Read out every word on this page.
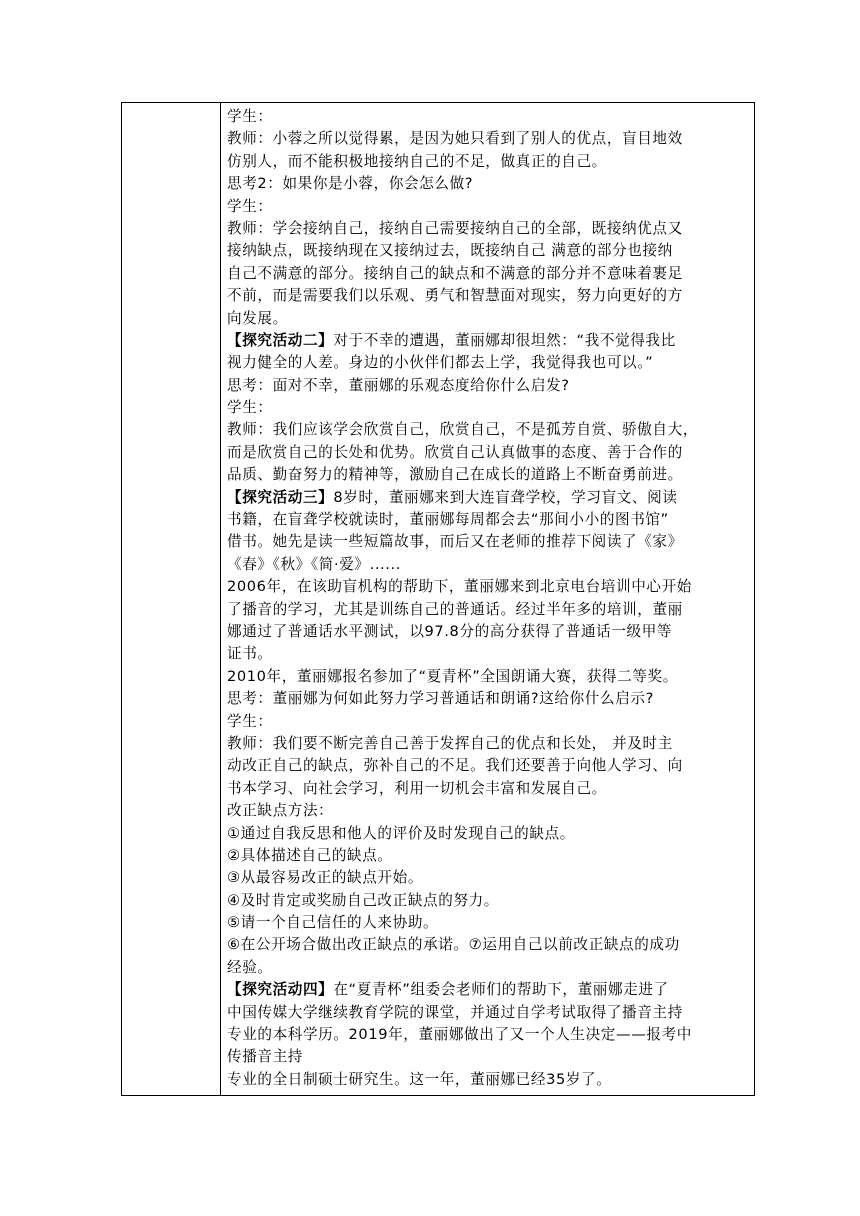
学生：
教师：小蓉之所以觉得累，是因为她只看到了别人的优点，盲目地效
仿别人，而不能积极地接纳自己的不足，做真正的自己。
思考2：如果你是小蓉，你会怎么做?
学生：
教师：学会接纳自己，接纳自己需要接纳自己的全部，既接纳优点又
接纳缺点，既接纳现在又接纳过去，既接纳自己 满意的部分也接纳
自己不满意的部分。接纳自己的缺点和不满意的部分并不意味着裹足
不前，而是需要我们以乐观、勇气和智慧面对现实，努力向更好的方
向发展。
【探究活动二】对于不幸的遭遇，董丽娜却很坦然：“我不觉得我比
视力健全的人差。身边的小伙伴们都去上学，我觉得我也可以。”
思考：面对不幸，董丽娜的乐观态度给你什么启发?
学生：
教师：我们应该学会欣赏自己，欣赏自己，不是孤芳自赏、骄傲自大，
而是欣赏自己的长处和优势。欣赏自己认真做事的态度、善于合作的
品质、勤奋努力的精神等，激励自己在成长的道路上不断奋勇前进。
【探究活动三】8岁时，董丽娜来到大连盲聋学校，学习盲文、阅读
书籍，在盲聋学校就读时，董丽娜每周都会去“那间小小的图书馆”
借书。她先是读一些短篇故事，而后又在老师的推荐下阅读了《家》
《春》《秋》《简·爱》......
2006年，在该助盲机构的帮助下，董丽娜来到北京电台培训中心开始
了播音的学习，尤其是训练自己的普通话。经过半年多的培训，董丽
娜通过了普通话水平测试，以97.8分的高分获得了普通话一级甲等
证书。
2010年，董丽娜报名参加了“夏青杯”全国朗诵大赛，获得二等奖。
思考：董丽娜为何如此努力学习普通话和朗诵?这给你什么启示?
学生：
教师：我们要不断完善自己善于发挥自己的优点和长处， 并及时主
动改正自己的缺点，弥补自己的不足。我们还要善于向他人学习、向
书本学习、向社会学习，利用一切机会丰富和发展自己。
改正缺点方法：
①通过自我反思和他人的评价及时发现自己的缺点。
②具体描述自己的缺点。
③从最容易改正的缺点开始。
④及时肯定或奖励自己改正缺点的努力。
⑤请一个自己信任的人来协助。
⑥在公开场合做出改正缺点的承诺。⑦运用自己以前改正缺点的成功
经验。
【探究活动四】在“夏青杯”组委会老师们的帮助下，董丽娜走进了
中国传媒大学继续教育学院的课堂，并通过自学考试取得了播音主持
专业的本科学历。2019年，董丽娜做出了又一个人生决定——报考中
传播音主持
专业的全日制硕士研究生。这一年，董丽娜已经35岁了。
